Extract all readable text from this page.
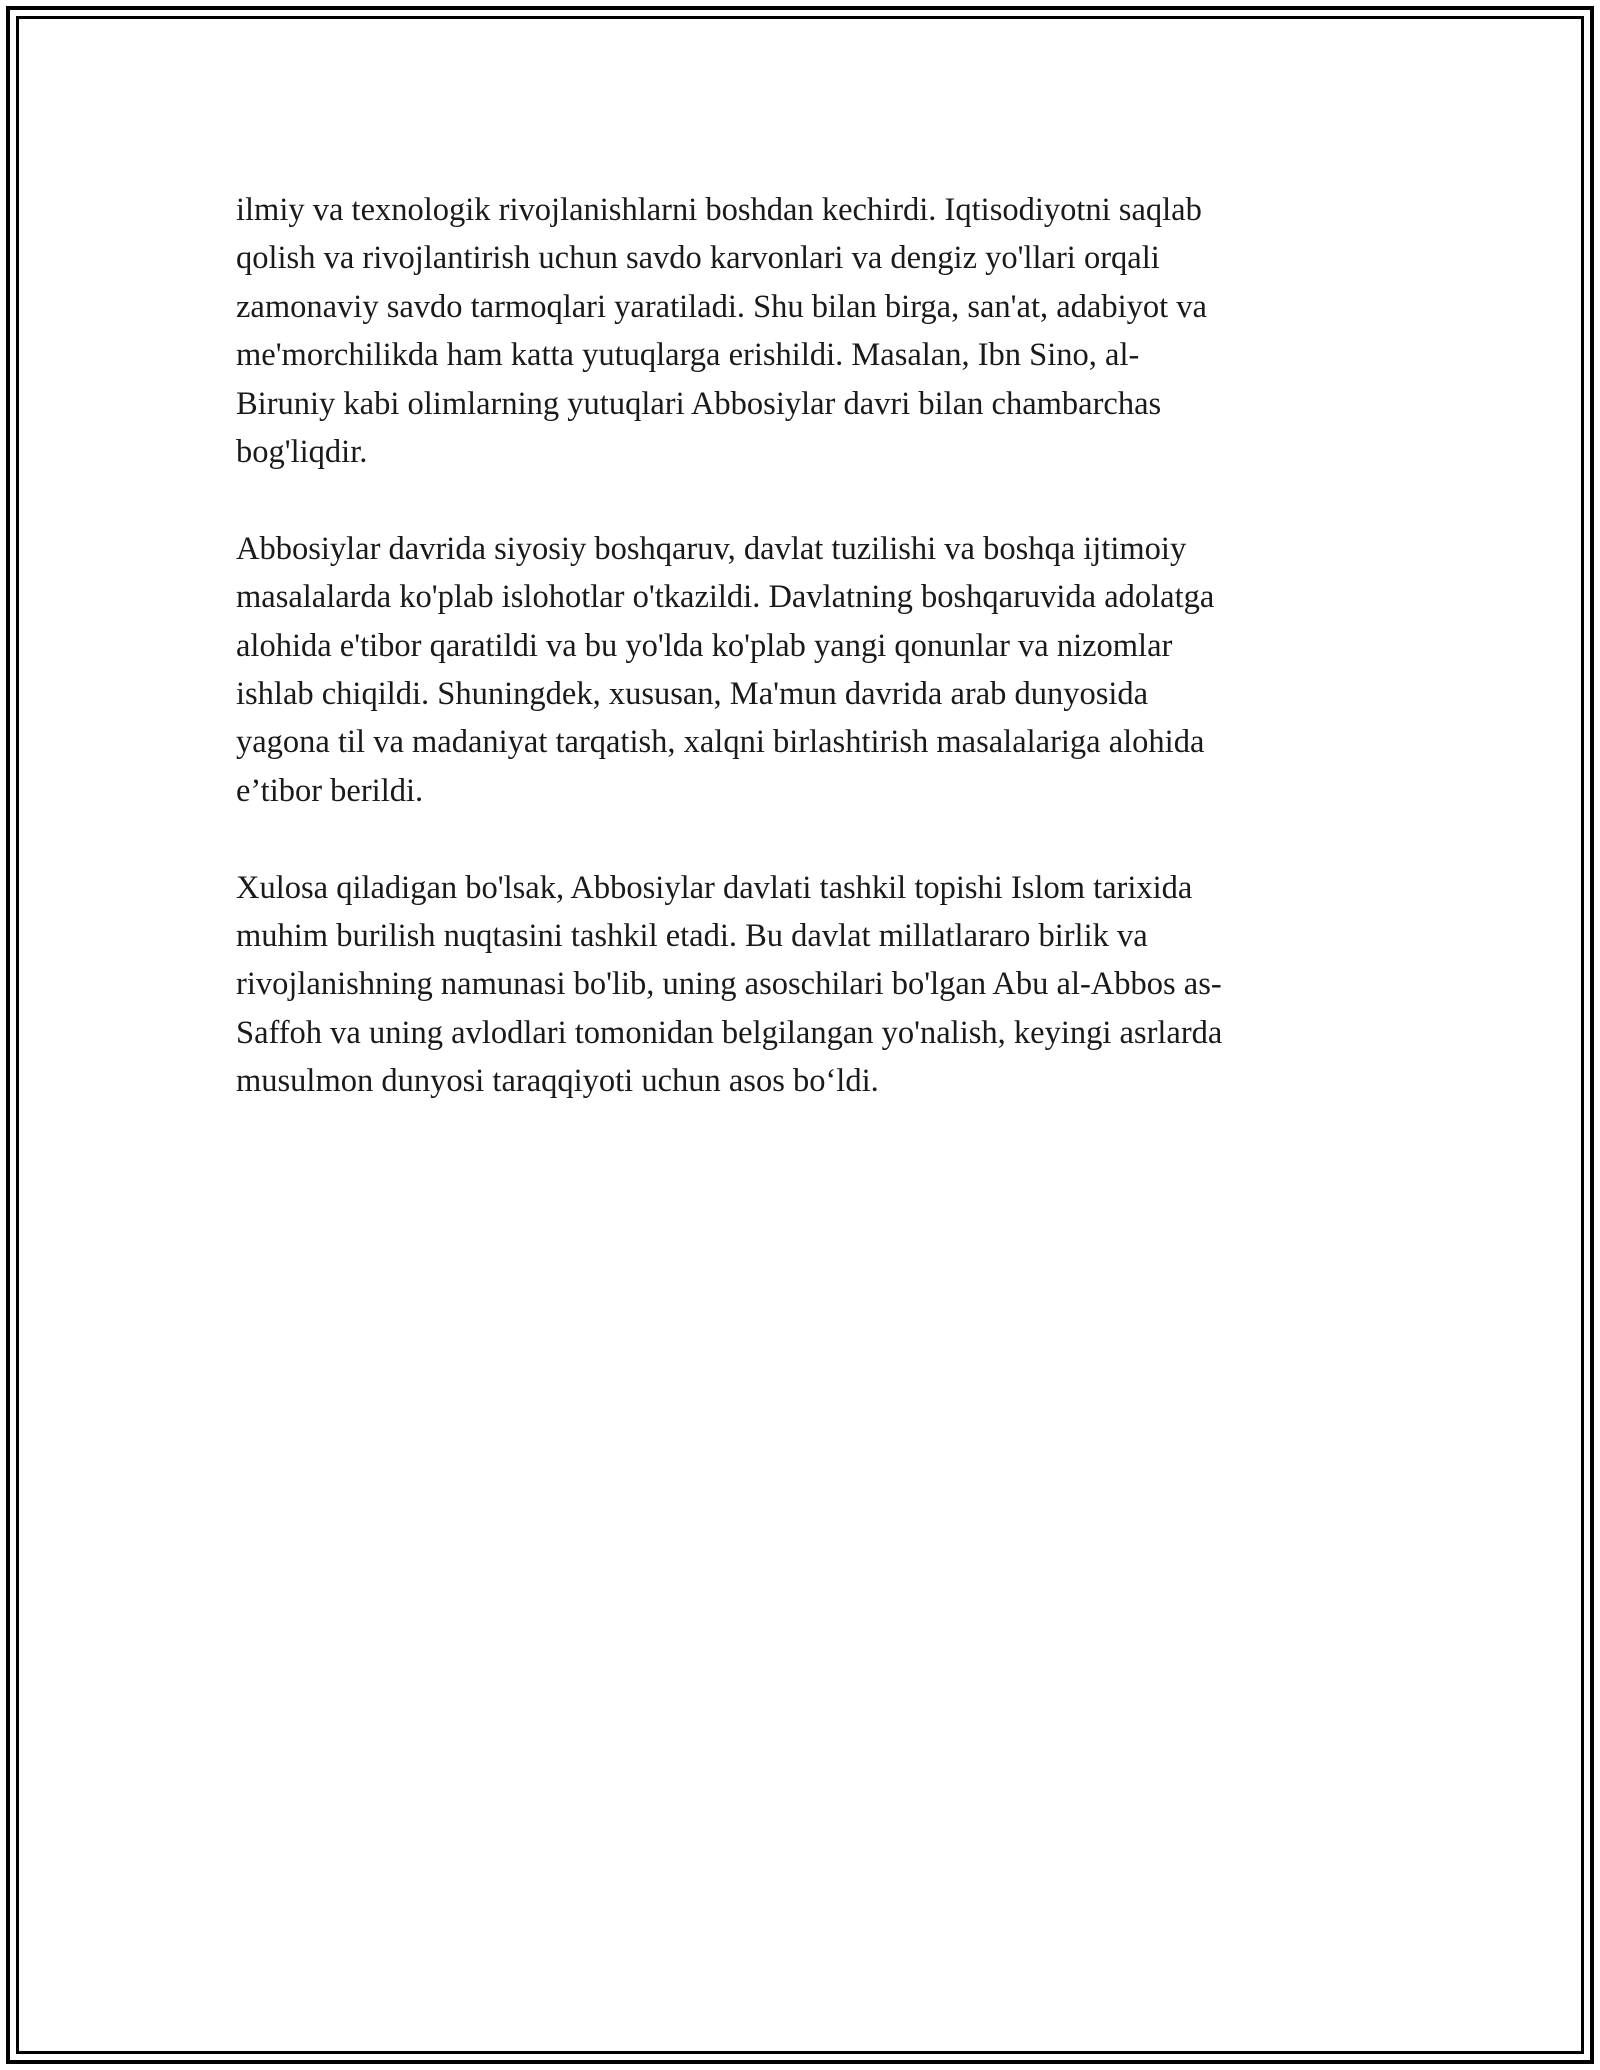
ilmiy va texnologik rivojlanishlarni boshdan kechirdi. Iqtisodiyotni saqlab
qolish va rivojlantirish uchun savdo karvonlari va dengiz yo'llari orqali
zamonaviy savdo tarmoqlari yaratiladi. Shu bilan birga, san'at, adabiyot va
me'morchilikda ham katta yutuqlarga erishildi. Masalan, Ibn Sino, al-
Biruniy kabi olimlarning yutuqlari Abbosiylar davri bilan chambarchas
bog'liqdir.

Abbosiylar davrida siyosiy boshqaruv, davlat tuzilishi va boshqa ijtimoiy
masalalarda ko'plab islohotlar o'tkazildi. Davlatning boshqaruvida adolatga
alohida e'tibor qaratildi va bu yo'lda ko'plab yangi qonunlar va nizomlar
ishlab chiqildi. Shuningdek, xususan, Ma'mun davrida arab dunyosida
yagona til va madaniyat tarqatish, xalqni birlashtirish masalalariga alohida
e’tibor berildi.

Xulosa qiladigan bo'lsak, Abbosiylar davlati tashkil topishi Islom tarixida
muhim burilish nuqtasini tashkil etadi. Bu davlat millatlararo birlik va
rivojlanishning namunasi bo'lib, uning asoschilari bo'lgan Abu al-Abbos as-
Saffoh va uning avlodlari tomonidan belgilangan yo'nalish, keyingi asrlarda
musulmon dunyosi taraqqiyoti uchun asos bo‘ldi.
